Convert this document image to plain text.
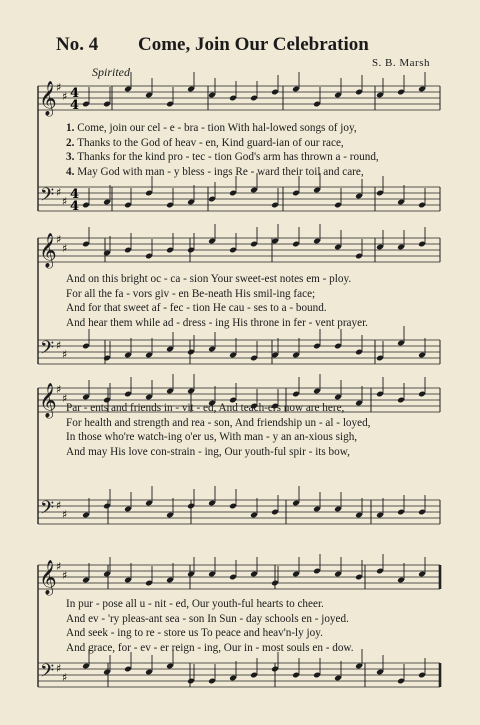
No. 4 Come, Join Our Celebration
S. B. Marsh
Spirited
𝄞
𝄢
♯
♯
♯
♯
4
4
4
4
𝄞
𝄢
♯
♯
♯
♯
𝄞
𝄢
♯
♯
♯
♯
𝄞
𝄢
♯
♯
♯
♯
1. Come, join our cel - e - bra - tion With hal-lowed songs of joy,
2. Thanks to the God of heav - en, Kind guard-ian of our race,
3. Thanks for the kind pro - tec - tion God's arm has thrown a - round,
4. May God with man - y bless - ings Re - ward their toil and care,
And on this bright oc - ca - sion Your sweet-est notes em - ploy.
For all the fa - vors giv - en Be-neath His smil-ing face;
And for that sweet af - fec - tion He cau - ses to a - bound.
And hear them while ad - dress - ing His throne in fer - vent prayer.
Par - ents and friends in - vit - ed, And teach-ers now are here,
For health and strength and rea - son, And friendship un - al - loyed,
In those who're watch-ing o'er us, With man - y an an-xious sigh,
And may His love con-strain - ing, Our youth-ful spir - its bow,
In pur - pose all u - nit - ed, Our youth-ful hearts to cheer.
And ev - 'ry pleas-ant sea - son In Sun - day schools en - joyed.
And seek - ing to re - store us To peace and heav'n-ly joy.
And grace, for - ev - er reign - ing, Our in - most souls en - dow.
